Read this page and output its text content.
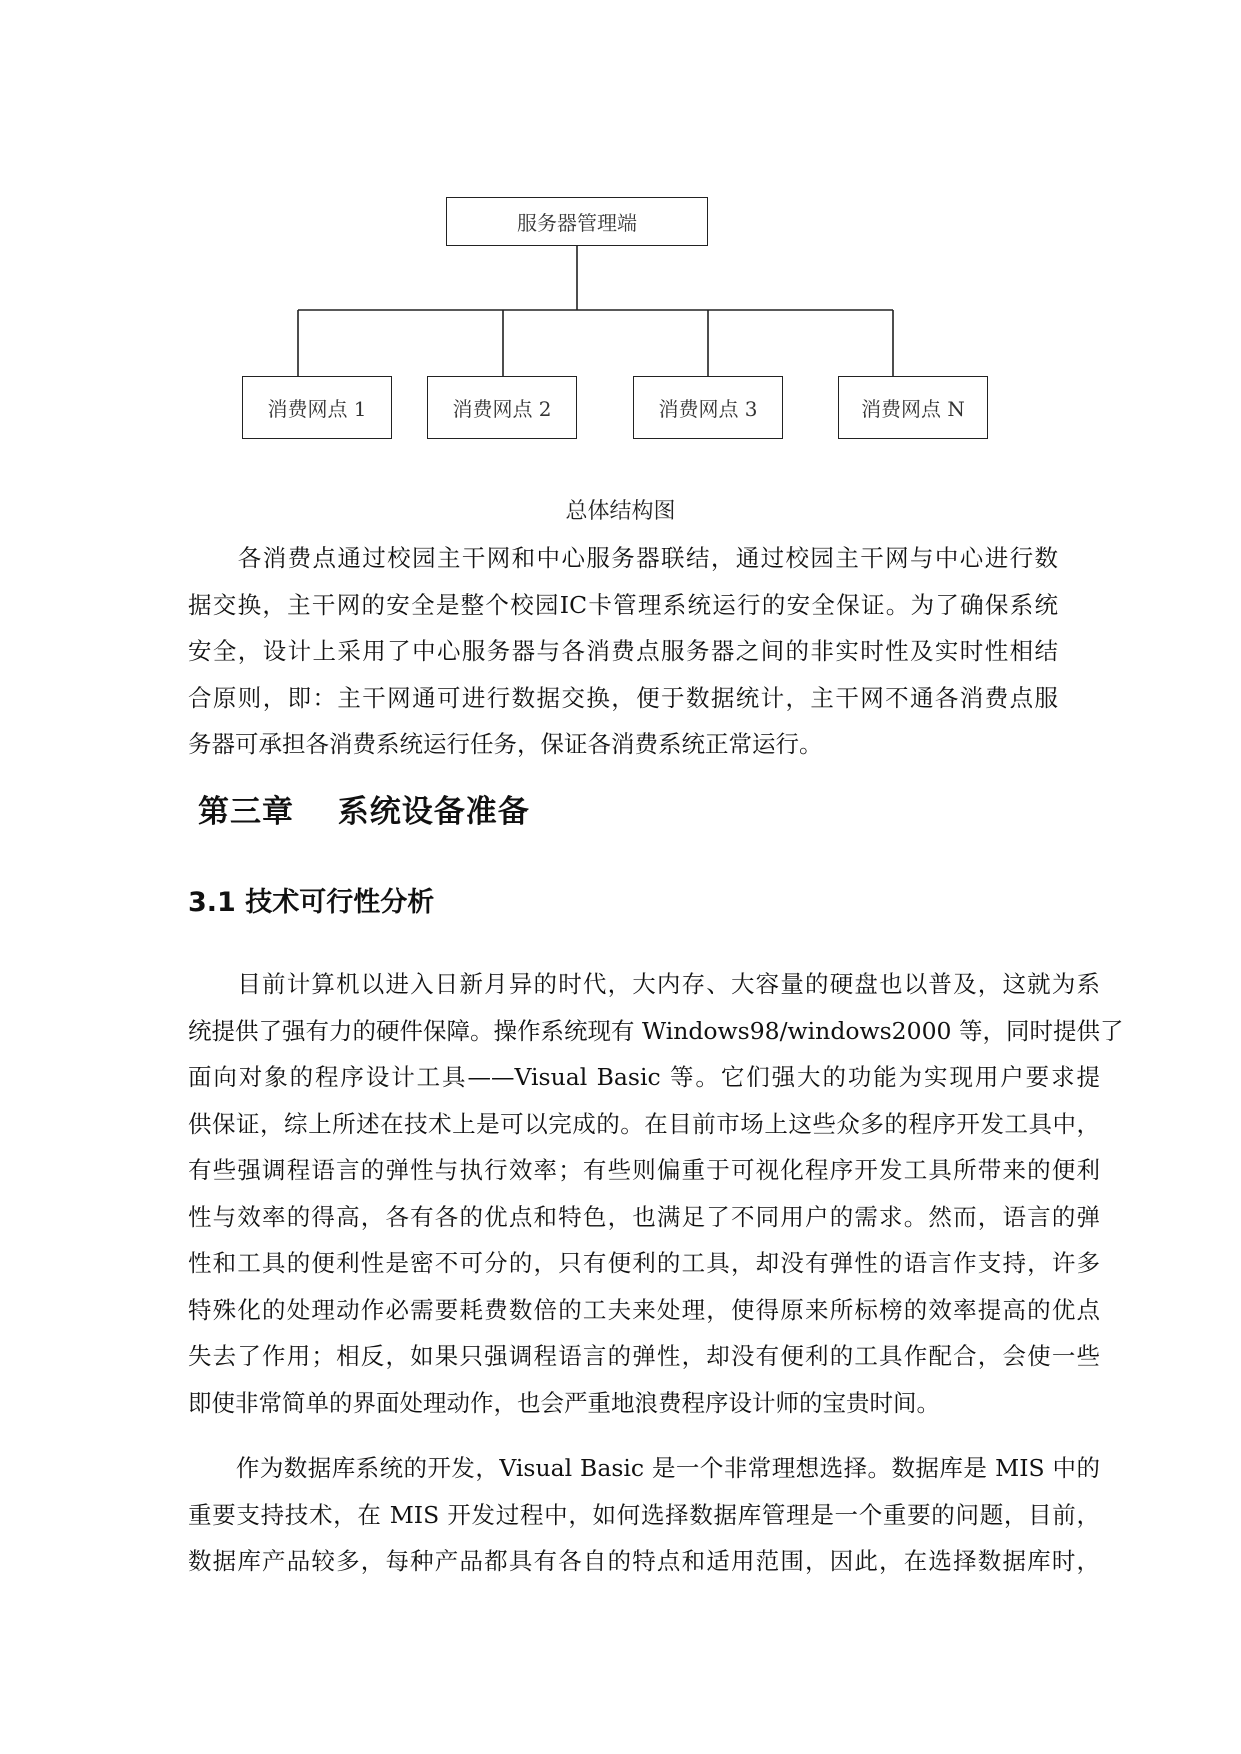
服务器管理端
消费网点 1	消费网点 2	消费网点 3	消费网点 N
总体结构图

　　各消费点通过校园主干网和中心服务器联结，通过校园主干网与中心进行数
据交换，主干网的安全是整个校园IC卡管理系统运行的安全保证。为了确保系统
安全，设计上采用了中心服务器与各消费点服务器之间的非实时性及实时性相结
合原则，即：主干网通可进行数据交换，便于数据统计，主干网不通各消费点服
务器可承担各消费系统运行任务，保证各消费系统正常运行。

第三章　 系统设备准备
3.1 技术可行性分析

　　目前计算机以进入日新月异的时代，大内存、大容量的硬盘也以普及，这就为系
统提供了强有力的硬件保障。操作系统现有 Windows98/windows2000 等，同时提供了
面向对象的程序设计工具——Visual Basic 等。它们强大的功能为实现用户要求提
供保证，综上所述在技术上是可以完成的。在目前市场上这些众多的程序开发工具中，
有些强调程语言的弹性与执行效率；有些则偏重于可视化程序开发工具所带来的便利
性与效率的得高，各有各的优点和特色，也满足了不同用户的需求。然而，语言的弹
性和工具的便利性是密不可分的，只有便利的工具，却没有弹性的语言作支持，许多
特殊化的处理动作必需要耗费数倍的工夫来处理，使得原来所标榜的效率提高的优点
失去了作用；相反，如果只强调程语言的弹性，却没有便利的工具作配合，会使一些
即使非常简单的界面处理动作，也会严重地浪费程序设计师的宝贵时间。

　　作为数据库系统的开发，Visual Basic 是一个非常理想选择。数据库是 MIS 中的
重要支持技术，在 MIS 开发过程中，如何选择数据库管理是一个重要的问题，目前，
数据库产品较多，每种产品都具有各自的特点和适用范围，因此，在选择数据库时，
